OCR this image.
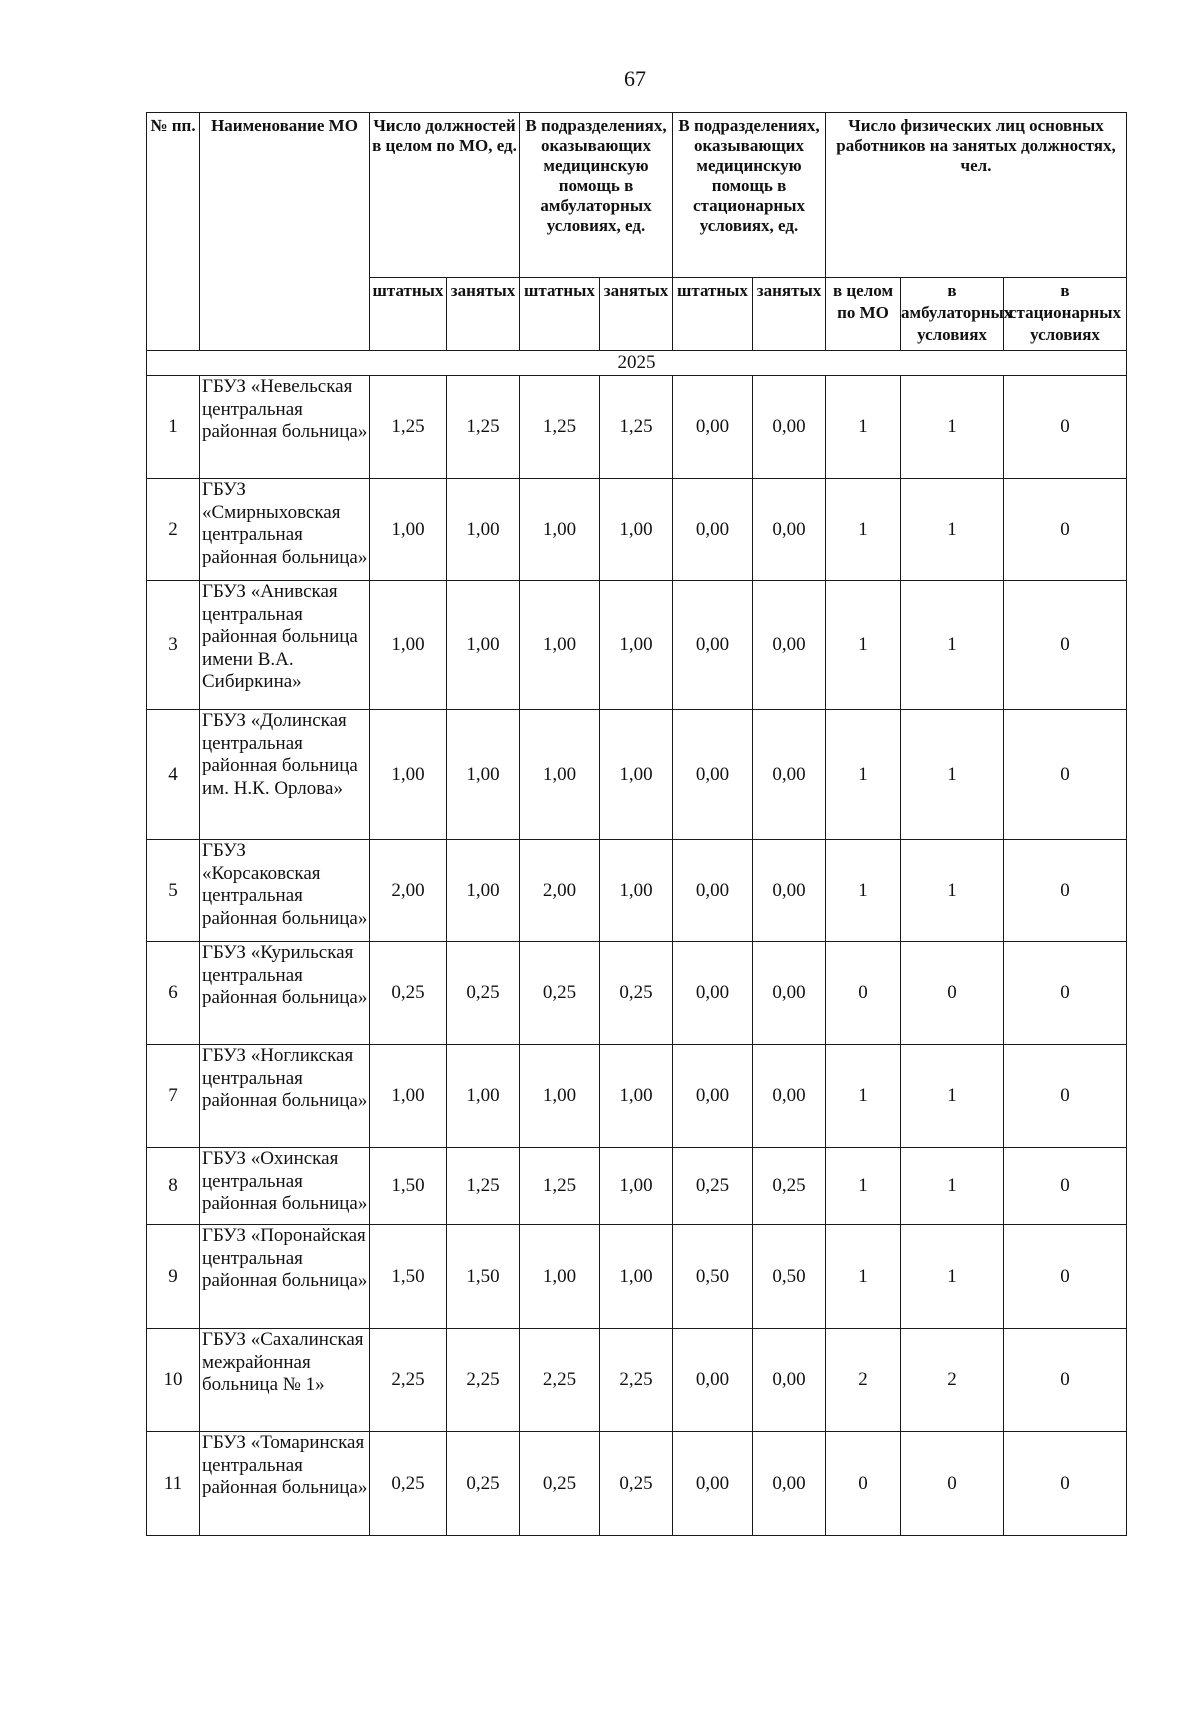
67
№ пп.	Наименование МО	Число должностей в целом по МО, ед.		В подразделениях, оказывающих медицинскую помощь в амбулаторных условиях, ед.		В подразделениях, оказывающих медицинскую помощь в стационарных условиях, ед.		Число физических лиц основных работников на занятых должностях, чел.		
		штатных	занятых	штатных	занятых	штатных	занятых	в целом по МО	в амбулаторных условиях	в стационарных условиях
2025										
1	ГБУЗ «Невельская центральная районная больница»	1,25	1,25	1,25	1,25	0,00	0,00	1	1	0
2	ГБУЗ «Смирныховская центральная районная больница»	1,00	1,00	1,00	1,00	0,00	0,00	1	1	0
3	ГБУЗ «Анивская центральная районная больница имени В.А. Сибиркина»	1,00	1,00	1,00	1,00	0,00	0,00	1	1	0
4	ГБУЗ «Долинская центральная районная больница им. Н.К. Орлова»	1,00	1,00	1,00	1,00	0,00	0,00	1	1	0
5	ГБУЗ «Корсаковская центральная районная больница»	2,00	1,00	2,00	1,00	0,00	0,00	1	1	0
6	ГБУЗ «Курильская центральная районная больница»	0,25	0,25	0,25	0,25	0,00	0,00	0	0	0
7	ГБУЗ «Ногликская центральная районная больница»	1,00	1,00	1,00	1,00	0,00	0,00	1	1	0
8	ГБУЗ «Охинская центральная районная больница»	1,50	1,25	1,25	1,00	0,25	0,25	1	1	0
9	ГБУЗ «Поронайская центральная районная больница»	1,50	1,50	1,00	1,00	0,50	0,50	1	1	0
10	ГБУЗ «Сахалинская межрайонная больница № 1»	2,25	2,25	2,25	2,25	0,00	0,00	2	2	0
11	ГБУЗ «Томаринская центральная районная больница»	0,25	0,25	0,25	0,25	0,00	0,00	0	0	0
